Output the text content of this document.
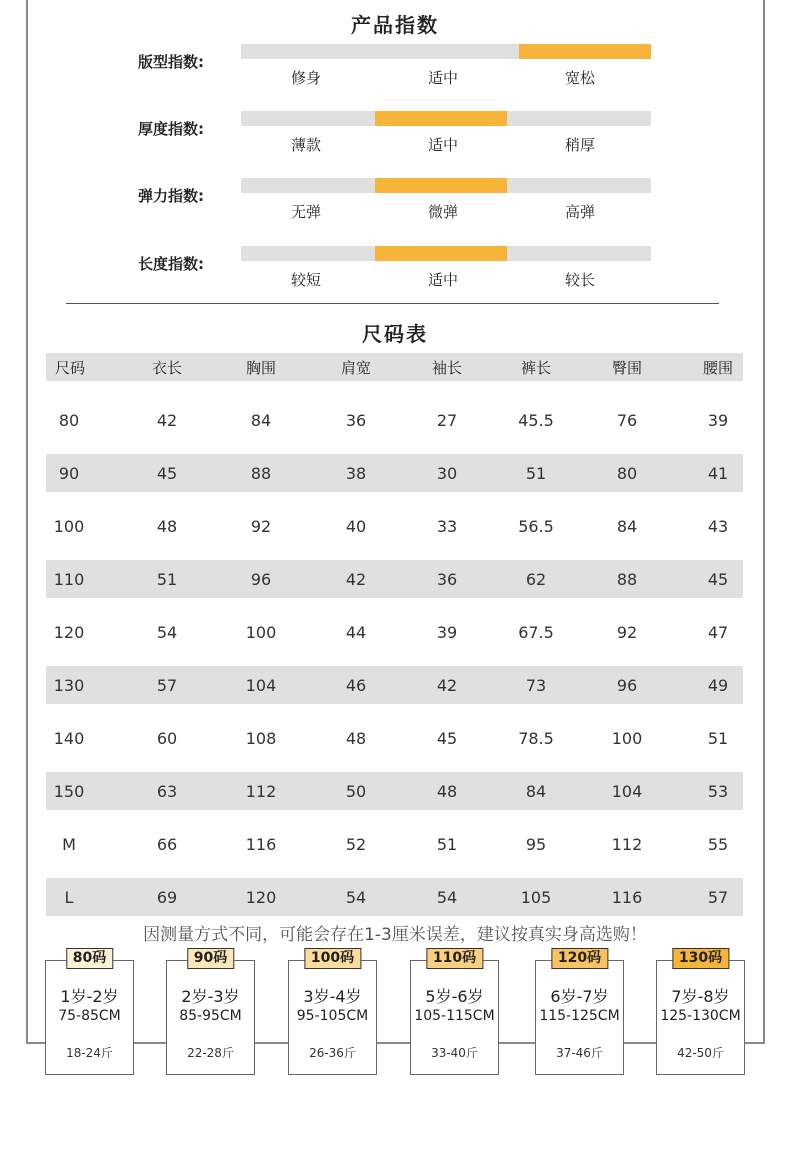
产品指数
版型指数:
修身	适中	宽松
厚度指数:
薄款	适中	稍厚
弹力指数:
无弹	微弹	高弹
长度指数:
较短	适中	较长
尺码表
尺码	衣长	胸围	肩宽	袖长	裤长	臀围	腰围
80	42	84	36	27	45.5	76	39
90	45	88	38	30	51	80	41
100	48	92	40	33	56.5	84	43
110	51	96	42	36	62	88	45
120	54	100	44	39	67.5	92	47
130	57	104	46	42	73	96	49
140	60	108	48	45	78.5	100	51
150	63	112	50	48	84	104	53
M	66	116	52	51	95	112	55
L	69	120	54	54	105	116	57
因测量方式不同，可能会存在1-3厘米误差，建议按真实身高选购！
80码
1岁-2岁
75-85CM
18-24斤
90码
2岁-3岁
85-95CM
22-28斤
100码
3岁-4岁
95-105CM
26-36斤
110码
5岁-6岁
105-115CM
33-40斤
120码
6岁-7岁
115-125CM
37-46斤
130码
7岁-8岁
125-130CM
42-50斤
